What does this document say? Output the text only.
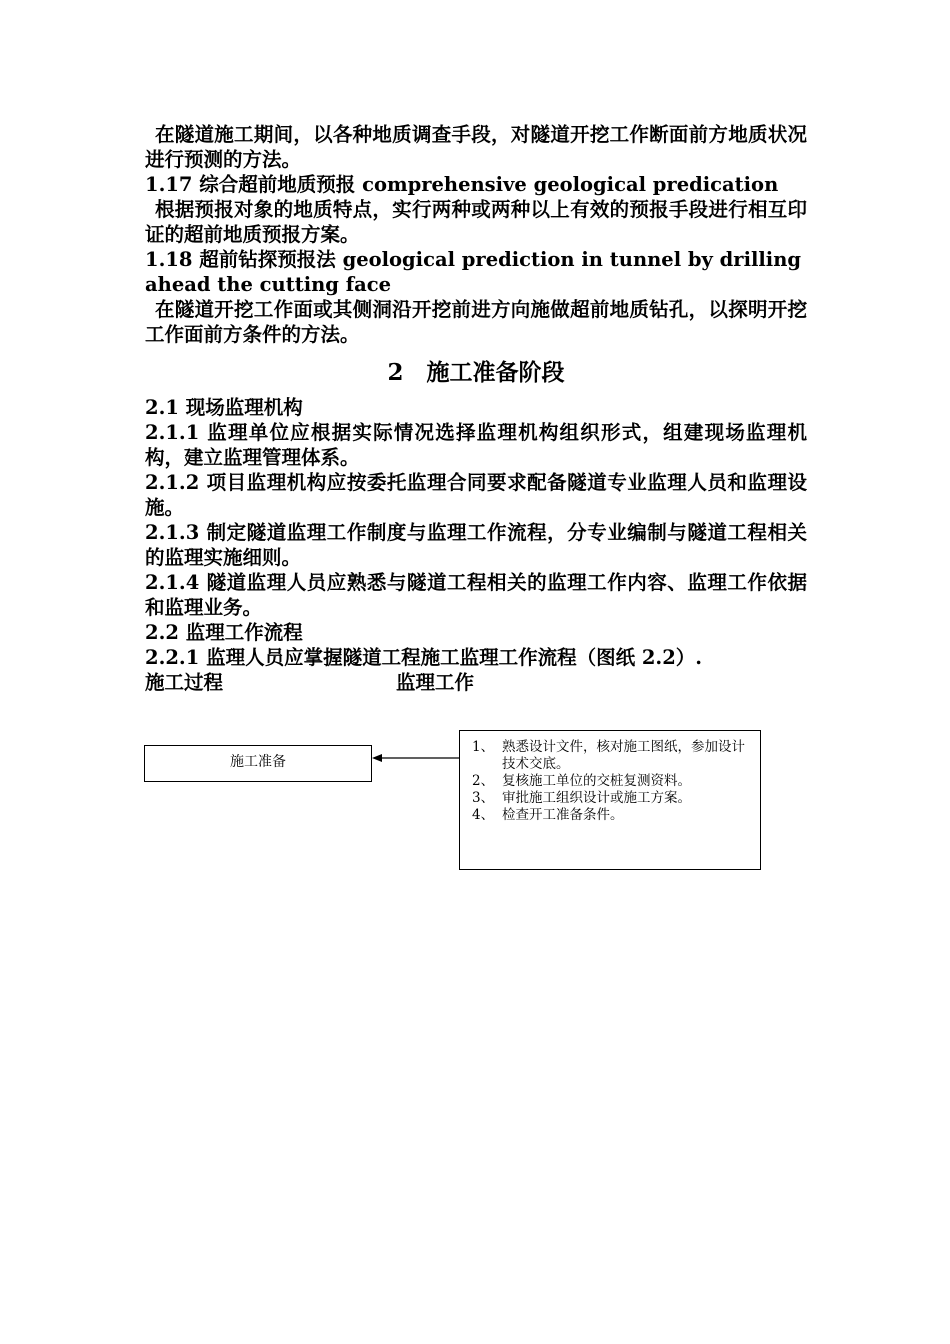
在隧道施工期间，以各种地质调查手段，对隧道开挖工作断面前方地质状况进行预测的方法。

1.17 综合超前地质预报 comprehensive geological predication

根据预报对象的地质特点，实行两种或两种以上有效的预报手段进行相互印证的超前地质预报方案。

1.18 超前钻探预报法 geological prediction in tunnel by drilling ahead the cutting face

在隧道开挖工作面或其侧洞沿开挖前进方向施做超前地质钻孔，以探明开挖工作面前方条件的方法。

2　施工准备阶段

2.1 现场监理机构

2.1.1 监理单位应根据实际情况选择监理机构组织形式，组建现场监理机构，建立监理管理体系。

2.1.2 项目监理机构应按委托监理合同要求配备隧道专业监理人员和监理设施。

2.1.3 制定隧道监理工作制度与监理工作流程，分专业编制与隧道工程相关的监理实施细则。

2.1.4 隧道监理人员应熟悉与隧道工程相关的监理工作内容、监理工作依据和监理业务。

2.2 监理工作流程

2.2.1 监理人员应掌握隧道工程施工监理工作流程（图纸 2.2）.

施工过程	监理工作
施工准备
1、 熟悉设计文件，核对施工图纸，参加设计技术交底。
2、 复核施工单位的交桩复测资料。
3、 审批施工组织设计或施工方案。
4、 检查开工准备条件。
